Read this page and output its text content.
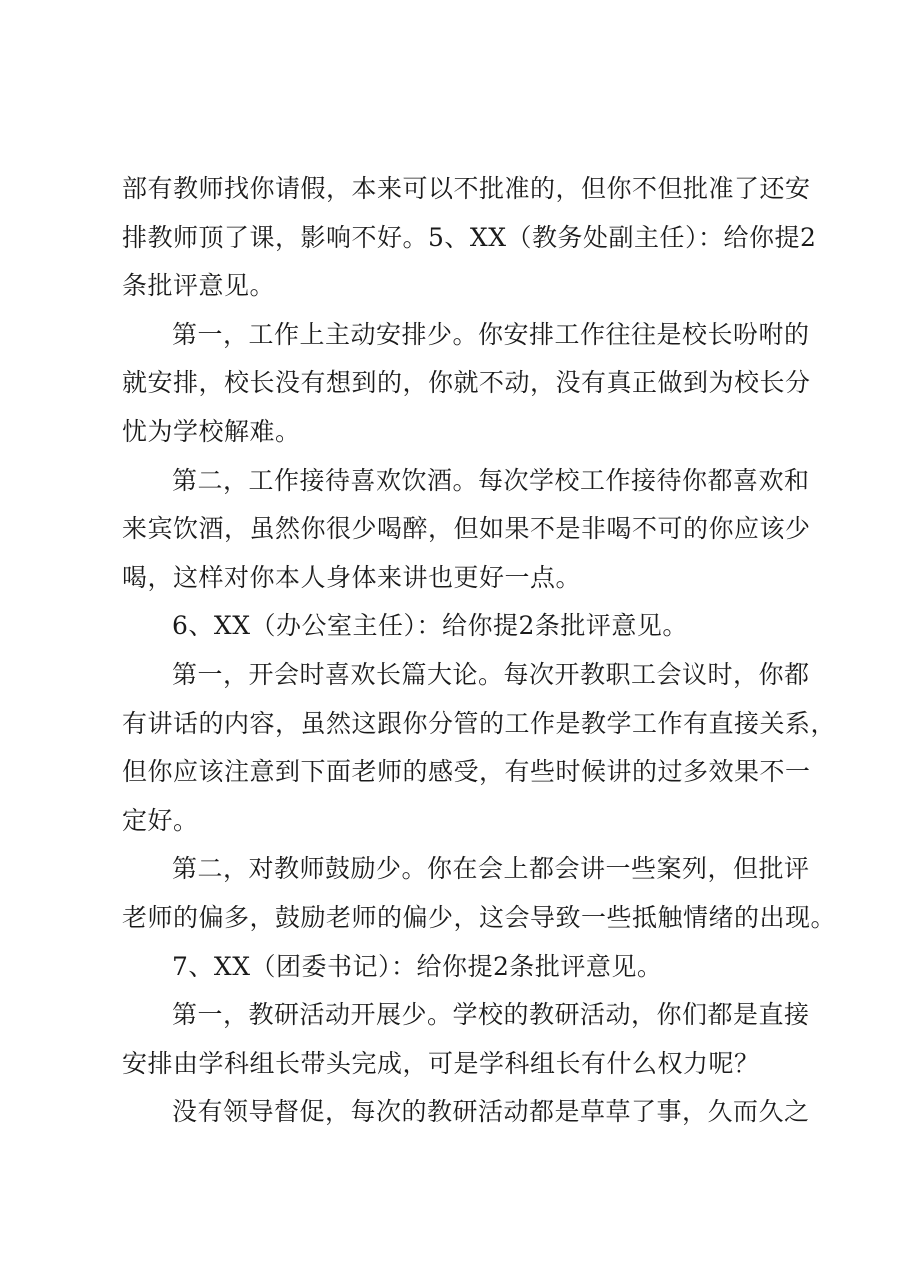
部有教师找你请假，本来可以不批准的，但你不但批准了还安
排教师顶了课，影响不好。5、XX（教务处副主任）：给你提2
条批评意见。

第一，工作上主动安排少。你安排工作往往是校长吩咐的
就安排，校长没有想到的，你就不动，没有真正做到为校长分
忧为学校解难。

第二，工作接待喜欢饮酒。每次学校工作接待你都喜欢和
来宾饮酒，虽然你很少喝醉，但如果不是非喝不可的你应该少
喝，这样对你本人身体来讲也更好一点。

6、XX（办公室主任）：给你提2条批评意见。

第一，开会时喜欢长篇大论。每次开教职工会议时，你都
有讲话的内容，虽然这跟你分管的工作是教学工作有直接关系，
但你应该注意到下面老师的感受，有些时候讲的过多效果不一
定好。

第二，对教师鼓励少。你在会上都会讲一些案列，但批评
老师的偏多，鼓励老师的偏少，这会导致一些抵触情绪的出现。

7、XX（团委书记）：给你提2条批评意见。

第一，教研活动开展少。学校的教研活动，你们都是直接
安排由学科组长带头完成，可是学科组长有什么权力呢？

没有领导督促，每次的教研活动都是草草了事，久而久之
